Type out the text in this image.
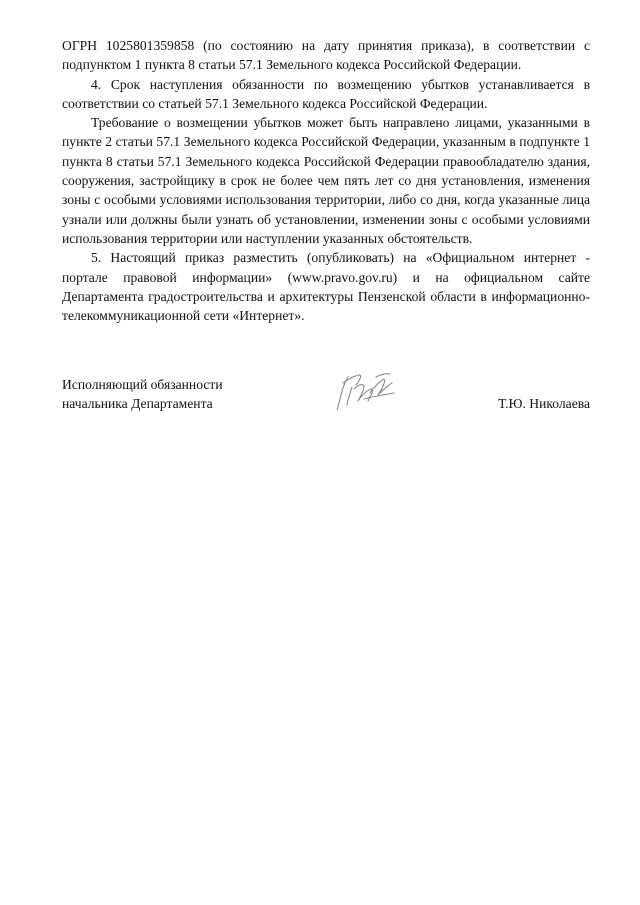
ОГРН 1025801359858 (по состоянию на дату принятия приказа), в соответствии с подпунктом 1 пункта 8 статьи 57.1 Земельного кодекса Российской Федерации.

4. Срок наступления обязанности по возмещению убытков устанавливается в соответствии со статьей 57.1 Земельного кодекса Российской Федерации.

Требование о возмещении убытков может быть направлено лицами, указанными в пункте 2 статьи 57.1 Земельного кодекса Российской Федерации, указанным в подпункте 1 пункта 8 статьи 57.1 Земельного кодекса Российской Федерации правообладателю здания, сооружения, застройщику в срок не более чем пять лет со дня установления, изменения зоны с особыми условиями использования территории, либо со дня, когда указанные лица узнали или должны были узнать об установлении, изменении зоны с особыми условиями использования территории или наступлении указанных обстоятельств.

5. Настоящий приказ разместить (опубликовать) на «Официальном интернет - портале правовой информации» (www.pravo.gov.ru) и на официальном сайте Департамента градостроительства и архитектуры Пензенской области в информационно-телекоммуникационной сети «Интернет».

Исполняющий обязанности
начальника Департамента	Т.Ю. Николаева
